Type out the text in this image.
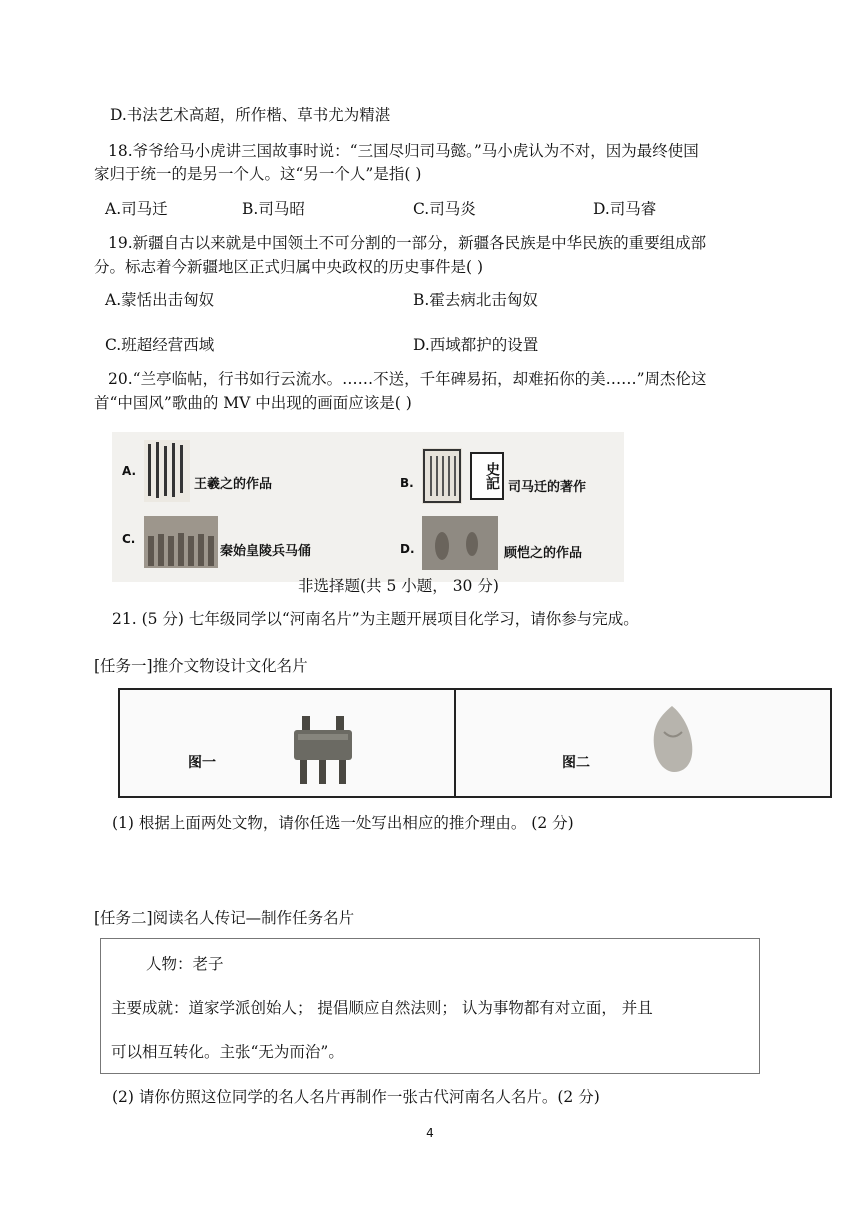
D.书法艺术高超，所作楷、草书尤为精湛
18.爷爷给马小虎讲三国故事时说：“三国尽归司马懿。”马小虎认为不对，因为最终使国
家归于统一的是另一个人。这“另一个人”是指( )
A.司马迁	B.司马昭	C.司马炎	D.司马睿
19.新疆自古以来就是中国领土不可分割的一部分，新疆各民族是中华民族的重要组成部
分。标志着今新疆地区正式归属中央政权的历史事件是( )
A.蒙恬出击匈奴	B.霍去病北击匈奴
C.班超经营西域	D.西域都护的设置
20.“兰亭临帖，行书如行云流水。……不送，千年碑易拓，却难拓你的美……”周杰伦这
首“中国风”歌曲的 MV 中出现的画面应该是( )
A.
王羲之的作品	B.	史記 司马迁的著作
C.
秦始皇陵兵马俑	D.	顾恺之的作品
非选择题(共 5 小题， 30 分)
21. (5 分) 七年级同学以“河南名片”为主题开展项目化学习，请你参与完成。
[任务一]推介文物设计文化名片
图一	图二
(1) 根据上面两处文物，请你任选一处写出相应的推介理由。 (2 分)
[任务二]阅读名人传记—制作任务名片
人物：老子
主要成就：道家学派创始人； 提倡顺应自然法则； 认为事物都有对立面， 并且
可以相互转化。主张“无为而治”。
(2) 请你仿照这位同学的名人名片再制作一张古代河南名人名片。(2 分)
4
